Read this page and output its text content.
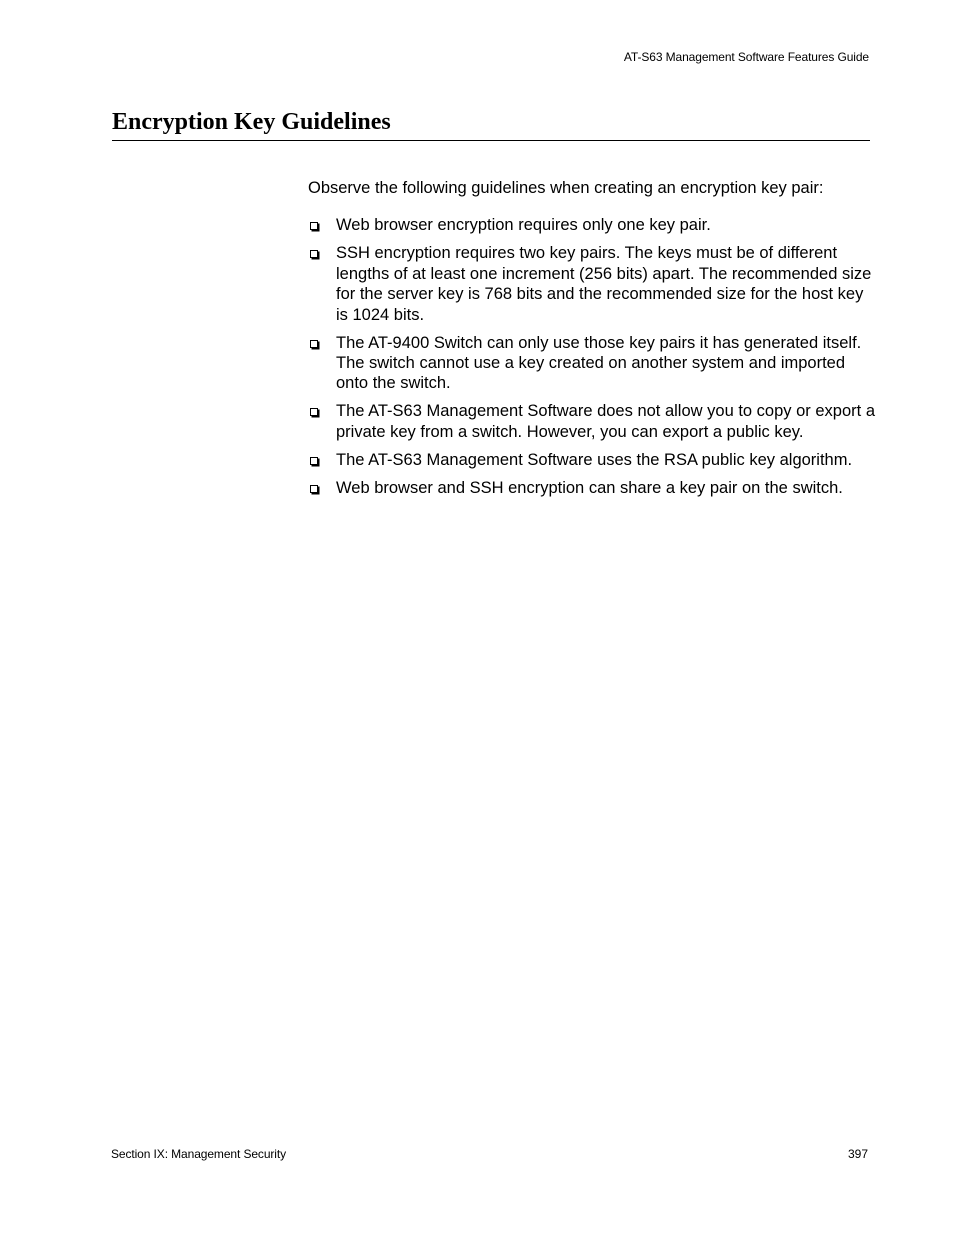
AT-S63 Management Software Features Guide
Encryption Key Guidelines

Observe the following guidelines when creating an encryption key pair:

Web browser encryption requires only one key pair.
SSH encryption requires two key pairs. The keys must be of different lengths of at least one increment (256 bits) apart. The recommended size for the server key is 768 bits and the recommended size for the host key is 1024 bits.
The AT-9400 Switch can only use those key pairs it has generated itself. The switch cannot use a key created on another system and imported onto the switch.
The AT-S63 Management Software does not allow you to copy or export a private key from a switch. However, you can export a public key.
The AT-S63 Management Software uses the RSA public key algorithm.
Web browser and SSH encryption can share a key pair on the switch.
Section IX: Management Security	397
